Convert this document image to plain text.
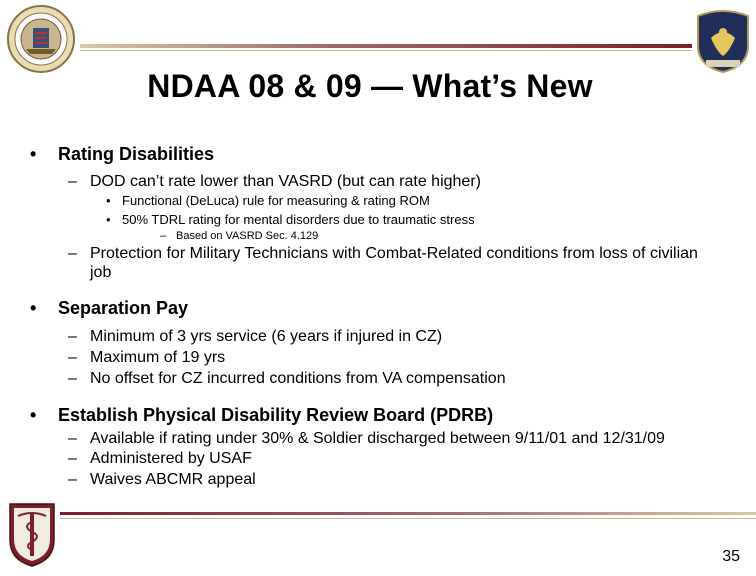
NDAA 08 & 09 — What’s New
• Rating Disabilities
– DOD can’t rate lower than VASRD (but can rate higher)
• Functional (DeLuca) rule for measuring & rating ROM
• 50% TDRL rating for mental disorders due to traumatic stress
– Based on VASRD Sec. 4.129
– Protection for Military Technicians with Combat-Related conditions from loss of civilian job
• Separation Pay
– Minimum of 3 yrs service (6 years if injured in CZ)
– Maximum of 19 yrs
– No offset for CZ incurred conditions from VA compensation
• Establish Physical Disability Review Board (PDRB)
– Available if rating under 30% & Soldier discharged between 9/11/01 and 12/31/09
– Administered by USAF
– Waives ABCMR appeal
35
